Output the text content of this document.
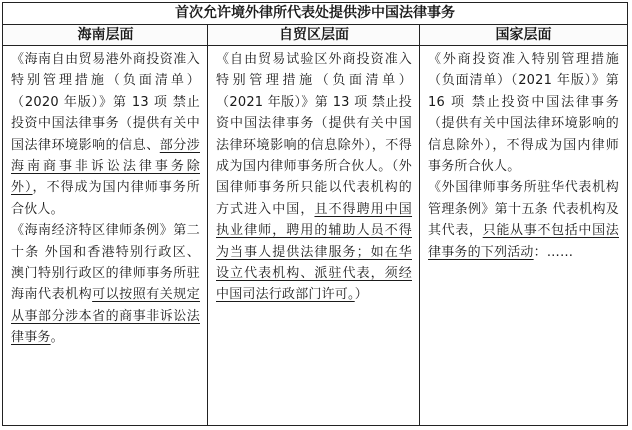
首次允许境外律所代表处提供涉中国法律事务
海南层面	自贸区层面	国家层面

《海南自由贸易港外商投资准入特别管理措施（负面清单）（2020 年版）》第 13 项 禁止投资中国法律事务（提供有关中国法律环境影响的信息、部分涉海南商事非诉讼法律事务除外），不得成为国内律师事务所合伙人。

《海南经济特区律师条例》第二十条 外国和香港特别行政区、澳门特别行政区的律师事务所驻海南代表机构可以按照有关规定从事部分涉本省的商事非诉讼法律事务。

《自由贸易试验区外商投资准入特别管理措施（负面清单）（2021 年版）》第 13 项 禁止投资中国法律事务（提供有关中国法律环境影响的信息除外），不得成为国内律师事务所合伙人。（外国律师事务所只能以代表机构的方式进入中国，且不得聘用中国执业律师，聘用的辅助人员不得为当事人提供法律服务；如在华设立代表机构、派驻代表，须经中国司法行政部门许可。）

《外商投资准入特别管理措施（负面清单）（2021 年版）》第 16 项 禁止投资中国法律事务（提供有关中国法律环境影响的信息除外），不得成为国内律师事务所合伙人。

《外国律师事务所驻华代表机构管理条例》第十五条 代表机构及其代表，只能从事不包括中国法律事务的下列活动：……
